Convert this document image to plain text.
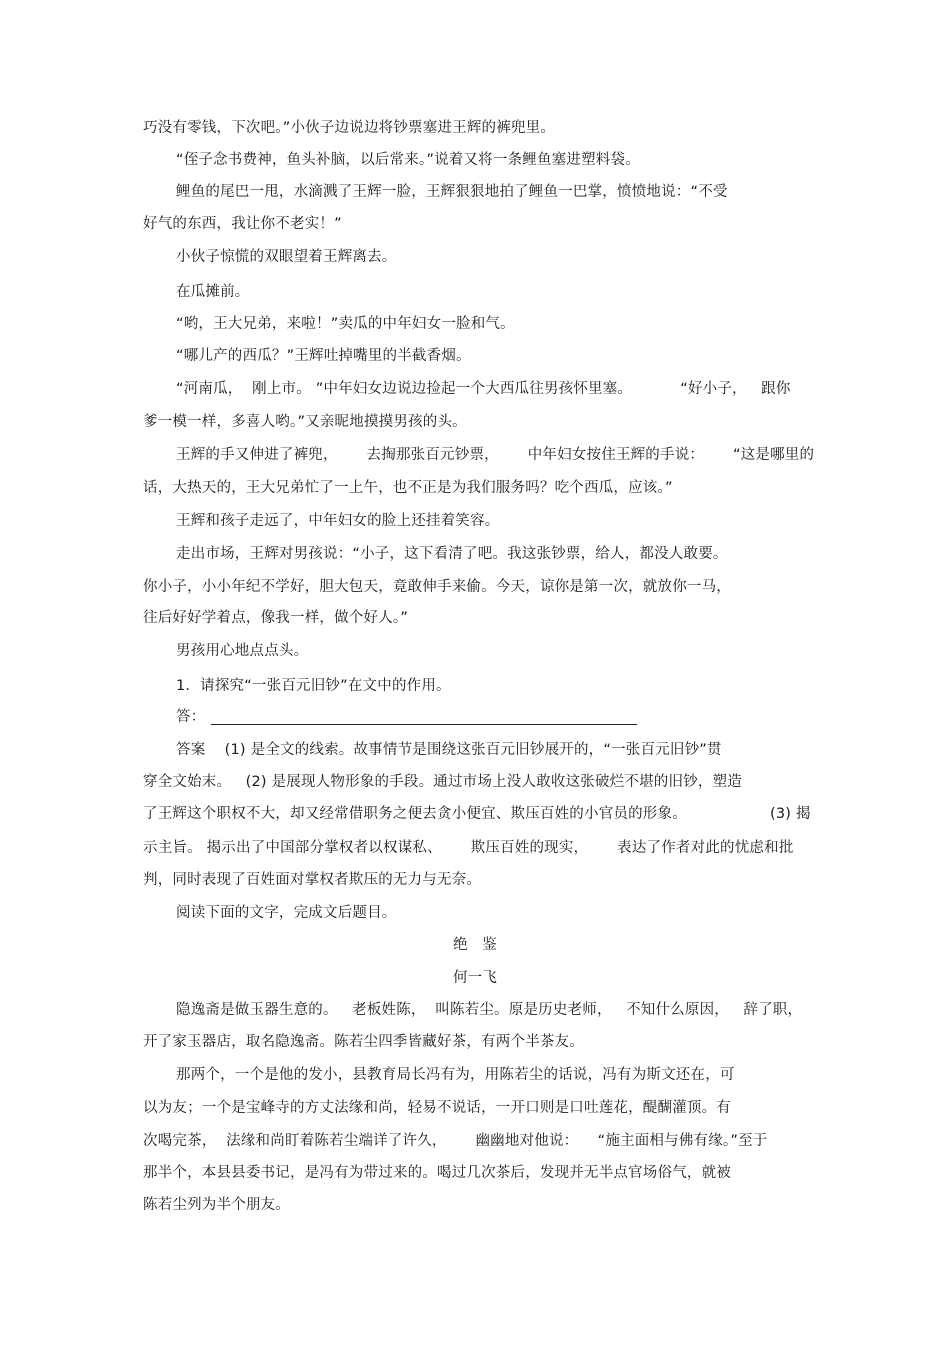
巧没有零钱，下次吧。”小伙子边说边将钞票塞进王辉的裤兜里。
“侄子念书费神，鱼头补脑，以后常来。”说着又将一条鲤鱼塞进塑料袋。
鲤鱼的尾巴一甩，水滴溅了王辉一脸，王辉狠狠地拍了鲤鱼一巴掌，愤愤地说：“不受
好气的东西，我让你不老实！”
小伙子惊慌的双眼望着王辉离去。
在瓜摊前。
“哟，王大兄弟，来啦！”卖瓜的中年妇女一脸和气。
“哪儿产的西瓜？”王辉吐掉嘴里的半截香烟。
“河南瓜，  刚上市。 ”中年妇女边说边捡起一个大西瓜往男孩怀里塞。          “好小子，   跟你
爹一模一样，多喜人哟。”又亲昵地摸摸男孩的头。
王辉的手又伸进了裤兜，      去掏那张百元钞票，      中年妇女按住王辉的手说：      “这是哪里的
话，大热天的，王大兄弟忙了一上午，也不正是为我们服务吗？吃个西瓜，应该。”
王辉和孩子走远了，中年妇女的脸上还挂着笑容。
走出市场，王辉对男孩说：“小子，这下看清了吧。我这张钞票，给人，都没人敢要。
你小子，小小年纪不学好，胆大包天，竟敢伸手来偷。今天，谅你是第一次，就放你一马，
往后好好学着点，像我一样，做个好人。”
男孩用心地点点头。
1．请探究“一张百元旧钞”在文中的作用。
答：
答案    (1) 是全文的线索。故事情节是围绕这张百元旧钞展开的，“一张百元旧钞”贯
穿全文始末。   (2) 是展现人物形象的手段。通过市场上没人敢收这张破烂不堪的旧钞，塑造
了王辉这个职权不大，却又经常借职务之便去贪小便宜、欺压百姓的小官员的形象。	(3) 揭
示主旨。 揭示出了中国部分掌权者以权谋私、      欺压百姓的现实，      表达了作者对此的忧虑和批
判，同时表现了百姓面对掌权者欺压的无力与无奈。
阅读下面的文字，完成文后题目。
绝   鉴
何一飞
隐逸斋是做玉器生意的。   老板姓陈，  叫陈若尘。原是历史老师，   不知什么原因，   辞了职，
开了家玉器店，取名隐逸斋。陈若尘四季皆藏好茶，有两个半茶友。
那两个，一个是他的发小，县教育局长冯有为，用陈若尘的话说，冯有为斯文还在，可
以为友；一个是宝峰寺的方丈法缘和尚，轻易不说话，一开口则是口吐莲花，醍醐灌顶。有
次喝完茶，  法缘和尚盯着陈若尘端详了许久，      幽幽地对他说：    “施主面相与佛有缘。”至于
那半个，本县县委书记，是冯有为带过来的。喝过几次茶后，发现并无半点官场俗气，就被
陈若尘列为半个朋友。
